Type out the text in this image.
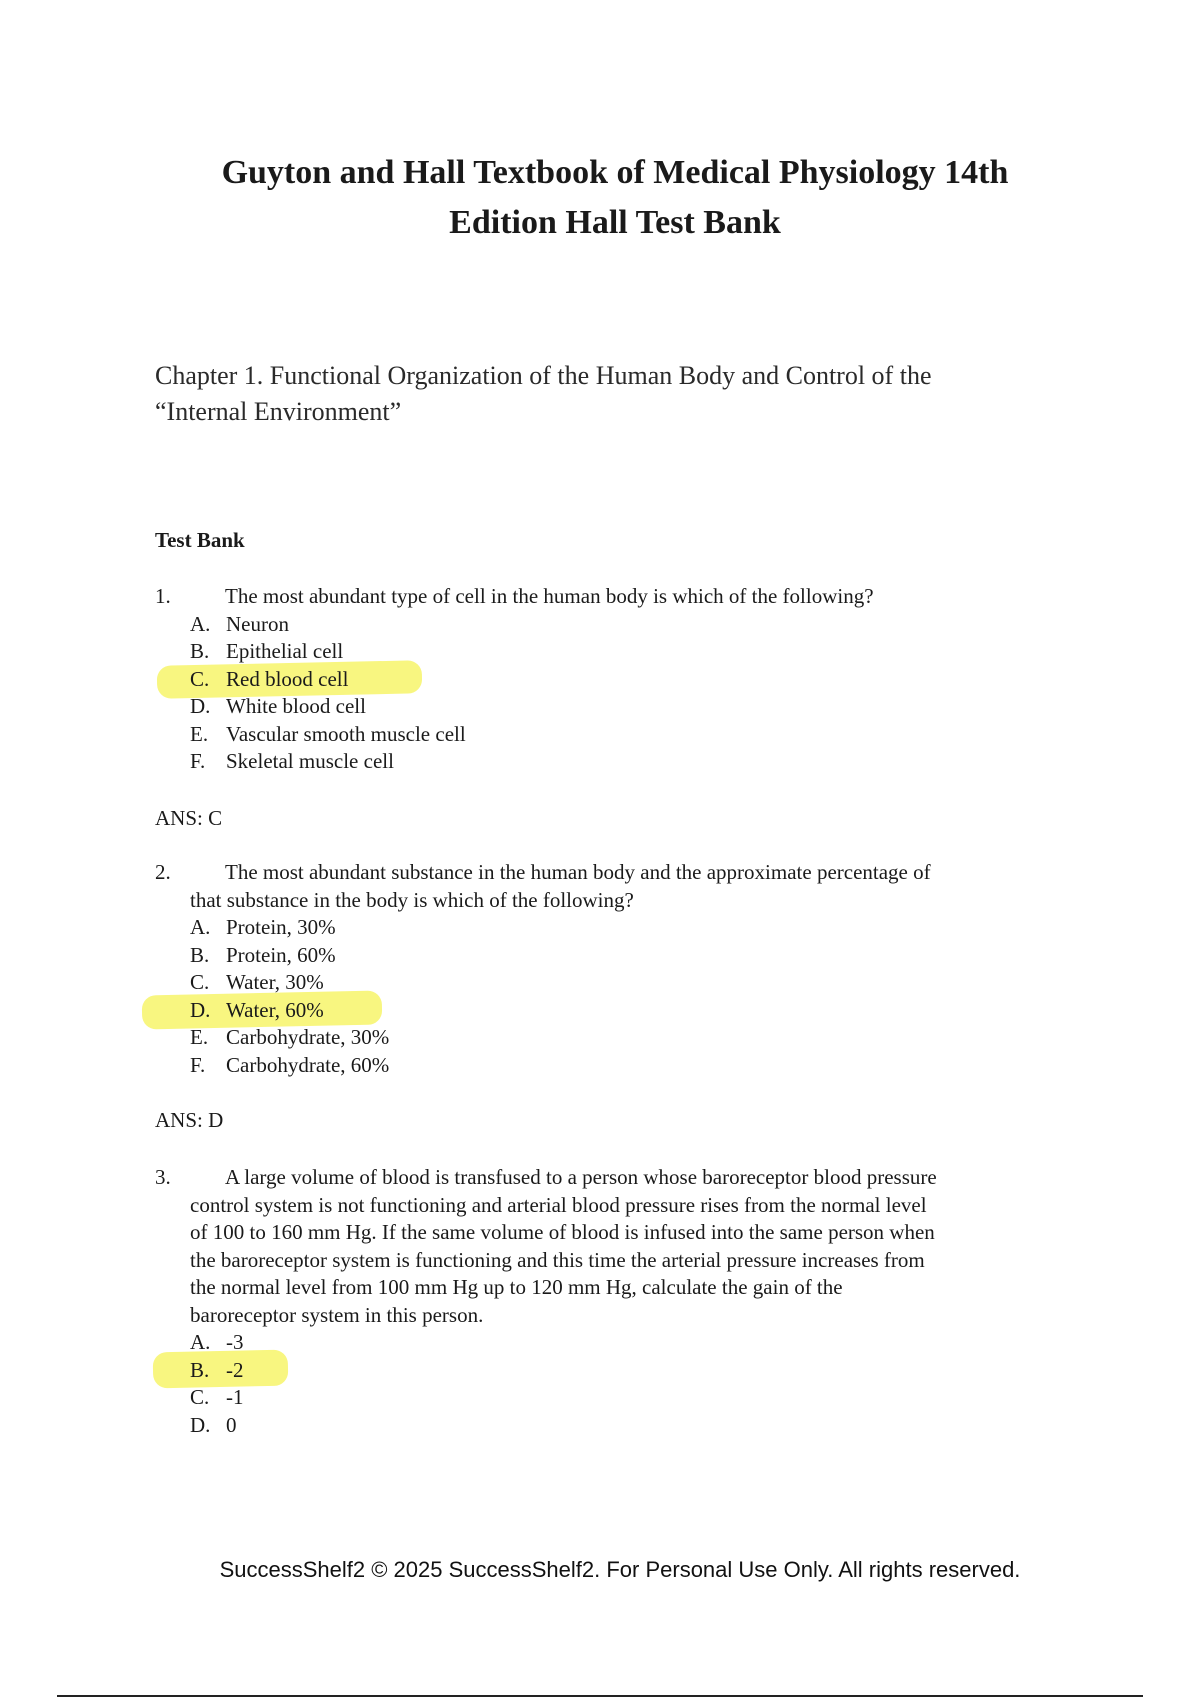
Guyton and Hall Textbook of Medical Physiology 14th
Edition Hall Test Bank
Chapter 1. Functional Organization of the Human Body and Control of the
“Internal Environment”
Test Bank
1.	The most abundant type of cell in the human body is which of the following?
A. Neuron
B. Epithelial cell
C. Red blood cell
D. White blood cell
E. Vascular smooth muscle cell
F. Skeletal muscle cell
ANS: C
2.	The most abundant substance in the human body and the approximate percentage of
that substance in the body is which of the following?
A. Protein, 30%
B. Protein, 60%
C. Water, 30%
D. Water, 60%
E. Carbohydrate, 30%
F. Carbohydrate, 60%
ANS: D
3.	A large volume of blood is transfused to a person whose baroreceptor blood pressure
control system is not functioning and arterial blood pressure rises from the normal level
of 100 to 160 mm Hg. If the same volume of blood is infused into the same person when
the baroreceptor system is functioning and this time the arterial pressure increases from
the normal level from 100 mm Hg up to 120 mm Hg, calculate the gain of the
baroreceptor system in this person.
A. -3
B. -2
C. -1
D. 0
SuccessShelf2 © 2025 SuccessShelf2. For Personal Use Only. All rights reserved.
